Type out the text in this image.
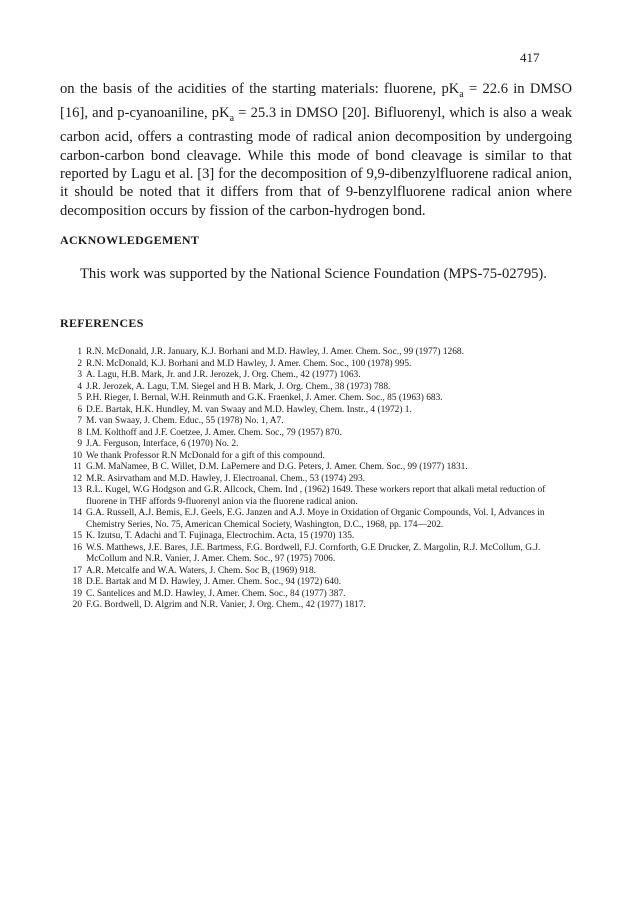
417

on the basis of the acidities of the starting materials: fluorene, $pK_a = 22.6$ in DMSO [16], and p-cyanoaniline, $pK_a = 25.3$ in DMSO [20]. Bifluorenyl, which is also a weak carbon acid, offers a contrasting mode of radical anion decomposition by undergoing carbon-carbon bond cleavage. While this mode of bond cleavage is similar to that reported by Lagu et al. [3] for the decomposition of 9,9-dibenzylfluorene radical anion, it should be noted that it differs from that of 9-benzylfluorene radical anion where decomposition occurs by fission of the carbon-hydrogen bond.

ACKNOWLEDGEMENT

This work was supported by the National Science Foundation (MPS-75-02795).

REFERENCES
1 R.N. McDonald, J.R. January, K.J. Borhani and M.D. Hawley, J. Amer. Chem. Soc., 99 (1977) 1268.
2 R.N. McDonald, K.J. Borhani and M.D Hawley, J. Amer. Chem. Soc., 100 (1978) 995.
3 A. Lagu, H.B. Mark, Jr. and J.R. Jerozek, J. Org. Chem., 42 (1977) 1063.
4 J.R. Jerozek, A. Lagu, T.M. Siegel and H B. Mark, J. Org. Chem., 38 (1973) 788.
5 P.H. Rieger, I. Bernal, W.H. Reinmuth and G.K. Fraenkel, J. Amer. Chem. Soc., 85 (1963) 683.
6 D.E. Bartak, H.K. Hundley, M. van Swaay and M.D. Hawley, Chem. Instr., 4 (1972) 1.
7 M. van Swaay, J. Chem. Educ., 55 (1978) No. 1, A7.
8 I.M. Kolthoff and J.F. Coetzee, J. Amer. Chem. Soc., 79 (1957) 870.
9 J.A. Ferguson, Interface, 6 (1970) No. 2.
10 We thank Professor R.N McDonald for a gift of this compound.
11 G.M. MaNamee, B C. Willet, D.M. LaPernere and D.G. Peters, J. Amer. Chem. Soc., 99 (1977) 1831.
12 M.R. Asirvatham and M.D. Hawley, J. Electroanal. Chem., 53 (1974) 293.
13 R.L. Kugel, W.G Hodgson and G.R. Allcock, Chem. Ind , (1962) 1649. These workers report that alkali metal reduction of fluorene in THF affords 9-fluorenyl anion via the fluorene radical anion.
14 G.A. Russell, A.J. Bemis, E.J. Geels, E.G. Janzen and A.J. Moye in Oxidation of Organic Compounds, Vol. I, Advances in Chemistry Series, No. 75, American Chemical Society, Washington, D.C., 1968, pp. 174—202.
15 K. Izutsu, T. Adachi and T. Fujinaga, Electrochim. Acta, 15 (1970) 135.
16 W.S. Matthews, J.E. Bares, J.E. Bartmess, F.G. Bordwell, F.J. Cornforth, G.E Drucker, Z. Margolin, R.J. McCollum, G.J. McCollum and N.R. Vanier, J. Amer. Chem. Soc., 97 (1975) 7006.
17 A.R. Metcalfe and W.A. Waters, J. Chem. Soc B, (1969) 918.
18 D.E. Bartak and M D. Hawley, J. Amer. Chem. Soc., 94 (1972) 640.
19 C. Santelices and M.D. Hawley, J. Amer. Chem. Soc., 84 (1977) 387.
20 F.G. Bordwell, D. Algrim and N.R. Vanier, J. Org. Chem., 42 (1977) 1817.
